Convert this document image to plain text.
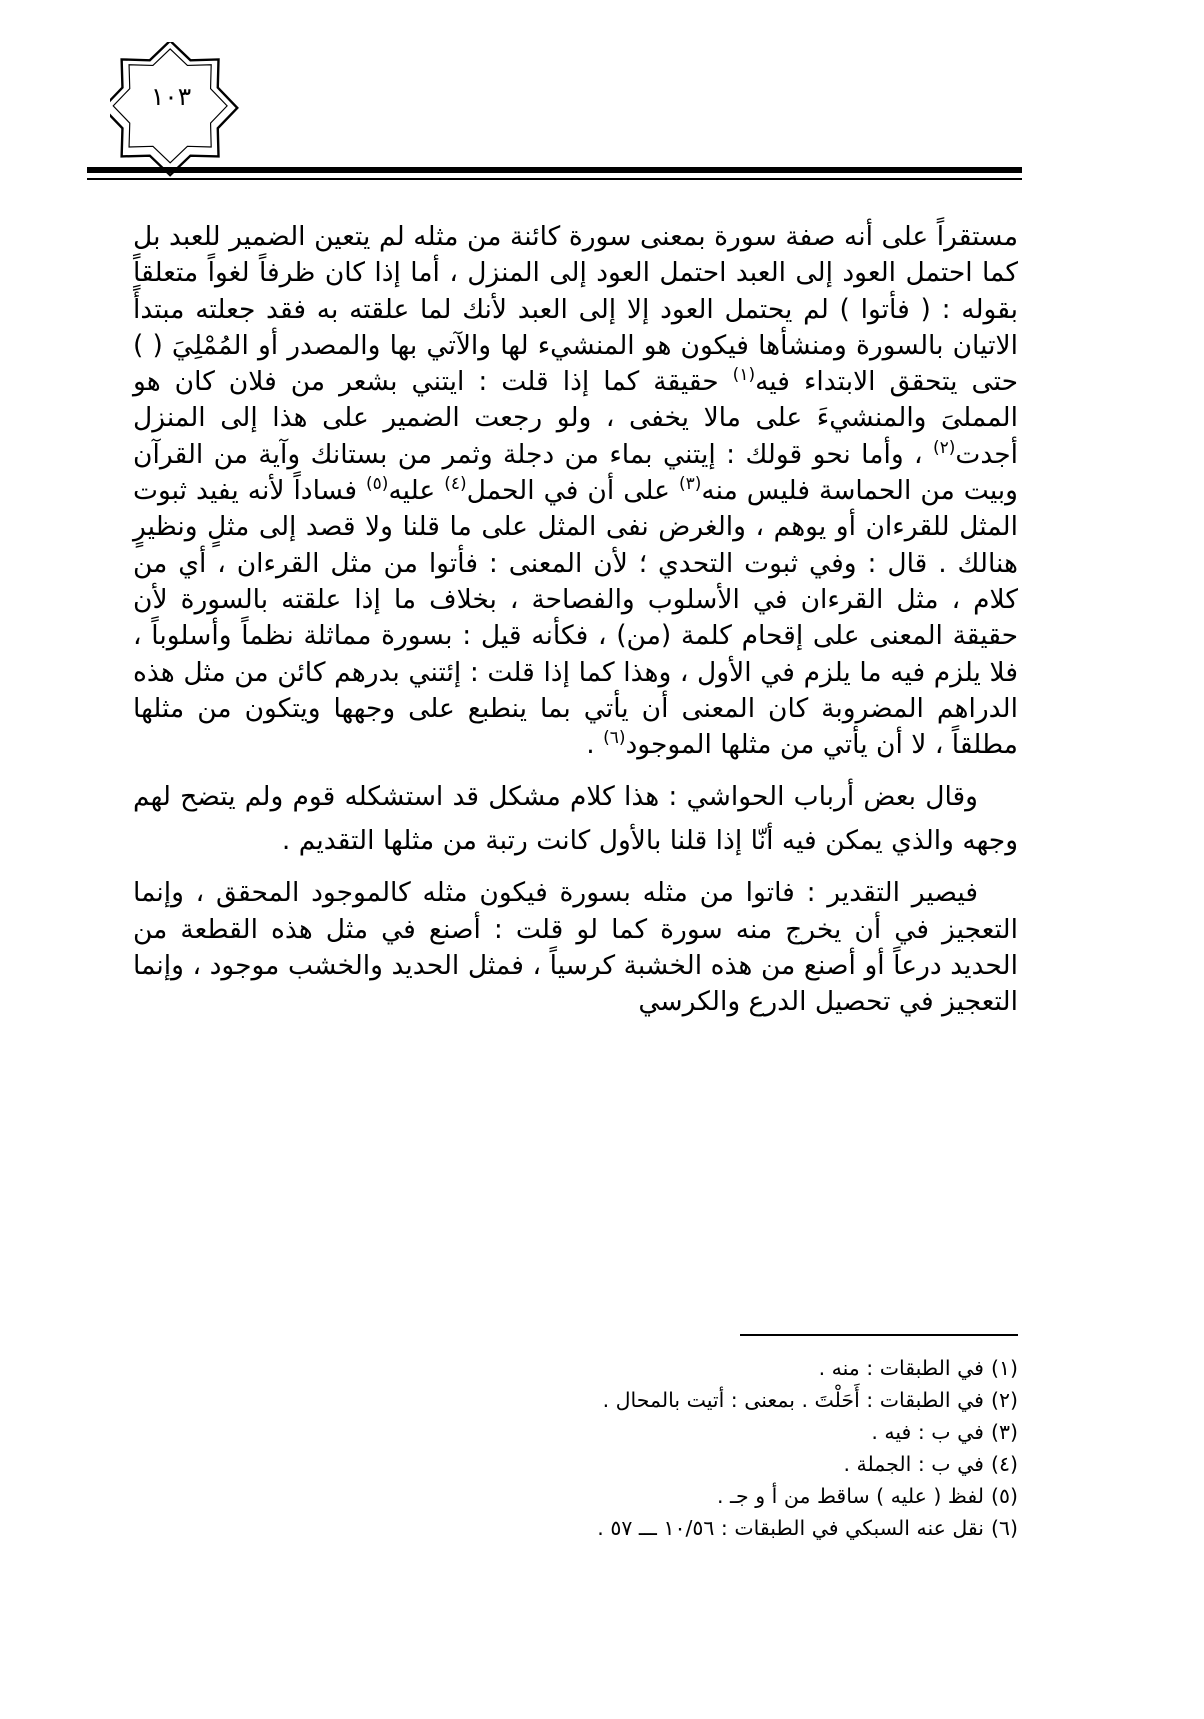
١٠٣

مستقراً على أنه صفة سورة بمعنى سورة كائنة من مثله لم يتعين الضمير للعبد بل كما احتمل العود إلى العبد احتمل العود إلى المنزل ، أما إذا كان ظرفاً لغواً متعلقاً بقوله : ( فأتوا ) لم يحتمل العود إلا إلى العبد لأنك لما علقته به فقد جعلته مبتدأً الاتيان بالسورة ومنشأها فيكون هو المنشيء لها والآتي بها والمصدر أو المُمْلِيَ ( ) حتى يتحقق الابتداء فيه$^{(١)}$ حقيقة كما إذا قلت : ايتني بشعر من فلان كان هو المملىَ والمنشيءَ على مالا يخفى ، ولو رجعت الضمير على هذا إلى المنزل أجدت$^{(٢)}$ ، وأما نحو قولك : إيتني بماء من دجلة وثمر من بستانك وآية من القرآن وبيت من الحماسة فليس منه$^{(٣)}$ على أن في الحمل$^{(٤)}$ عليه$^{(٥)}$ فساداً لأنه يفيد ثبوت المثل للقرءان أو يوهم ، والغرض نفى المثل على ما قلنا ولا قصد إلى مثلٍ ونظيرٍ هنالك . قال : وفي ثبوت التحدي ؛ لأن المعنى : فأتوا من مثل القرءان ، أي من كلام ، مثل القرءان في الأسلوب والفصاحة ، بخلاف ما إذا علقته بالسورة لأن حقيقة المعنى على إقحام كلمة (من) ، فكأنه قيل : بسورة مماثلة نظماً وأسلوباً ، فلا يلزم فيه ما يلزم في الأول ، وهذا كما إذا قلت : إئتني بدرهم كائن من مثل هذه الدراهم المضروبة كان المعنى أن يأتي بما ينطبع على وجهها ويتكون من مثلها مطلقاً ، لا أن يأتي من مثلها الموجود$^{(٦)}$ .

وقال بعض أرباب الحواشي : هذا كلام مشكل قد استشكله قوم ولم يتضح لهم وجهه والذي يمكن فيه أنّا إذا قلنا بالأول كانت رتبة من مثلها التقديم .

فيصير التقدير : فاتوا من مثله بسورة فيكون مثله كالموجود المحقق ، وإنما التعجيز في أن يخرج منه سورة كما لو قلت : أصنع في مثل هذه القطعة من الحديد درعاً أو أصنع من هذه الخشبة كرسياً ، فمثل الحديد والخشب موجود ، وإنما التعجيز في تحصيل الدرع والكرسي

(١)في الطبقات : منه .
(٢)في الطبقات : أَحَلْتَ . بمعنى : أتيت بالمحال .
(٣)في ب : فيه .
(٤)في ب : الجملة .
(٥)لفظ ( عليه ) ساقط من أ و جـ .
(٦)نقل عنه السبكي في الطبقات : ١٠/٥٦ ـــ ٥٧ .
